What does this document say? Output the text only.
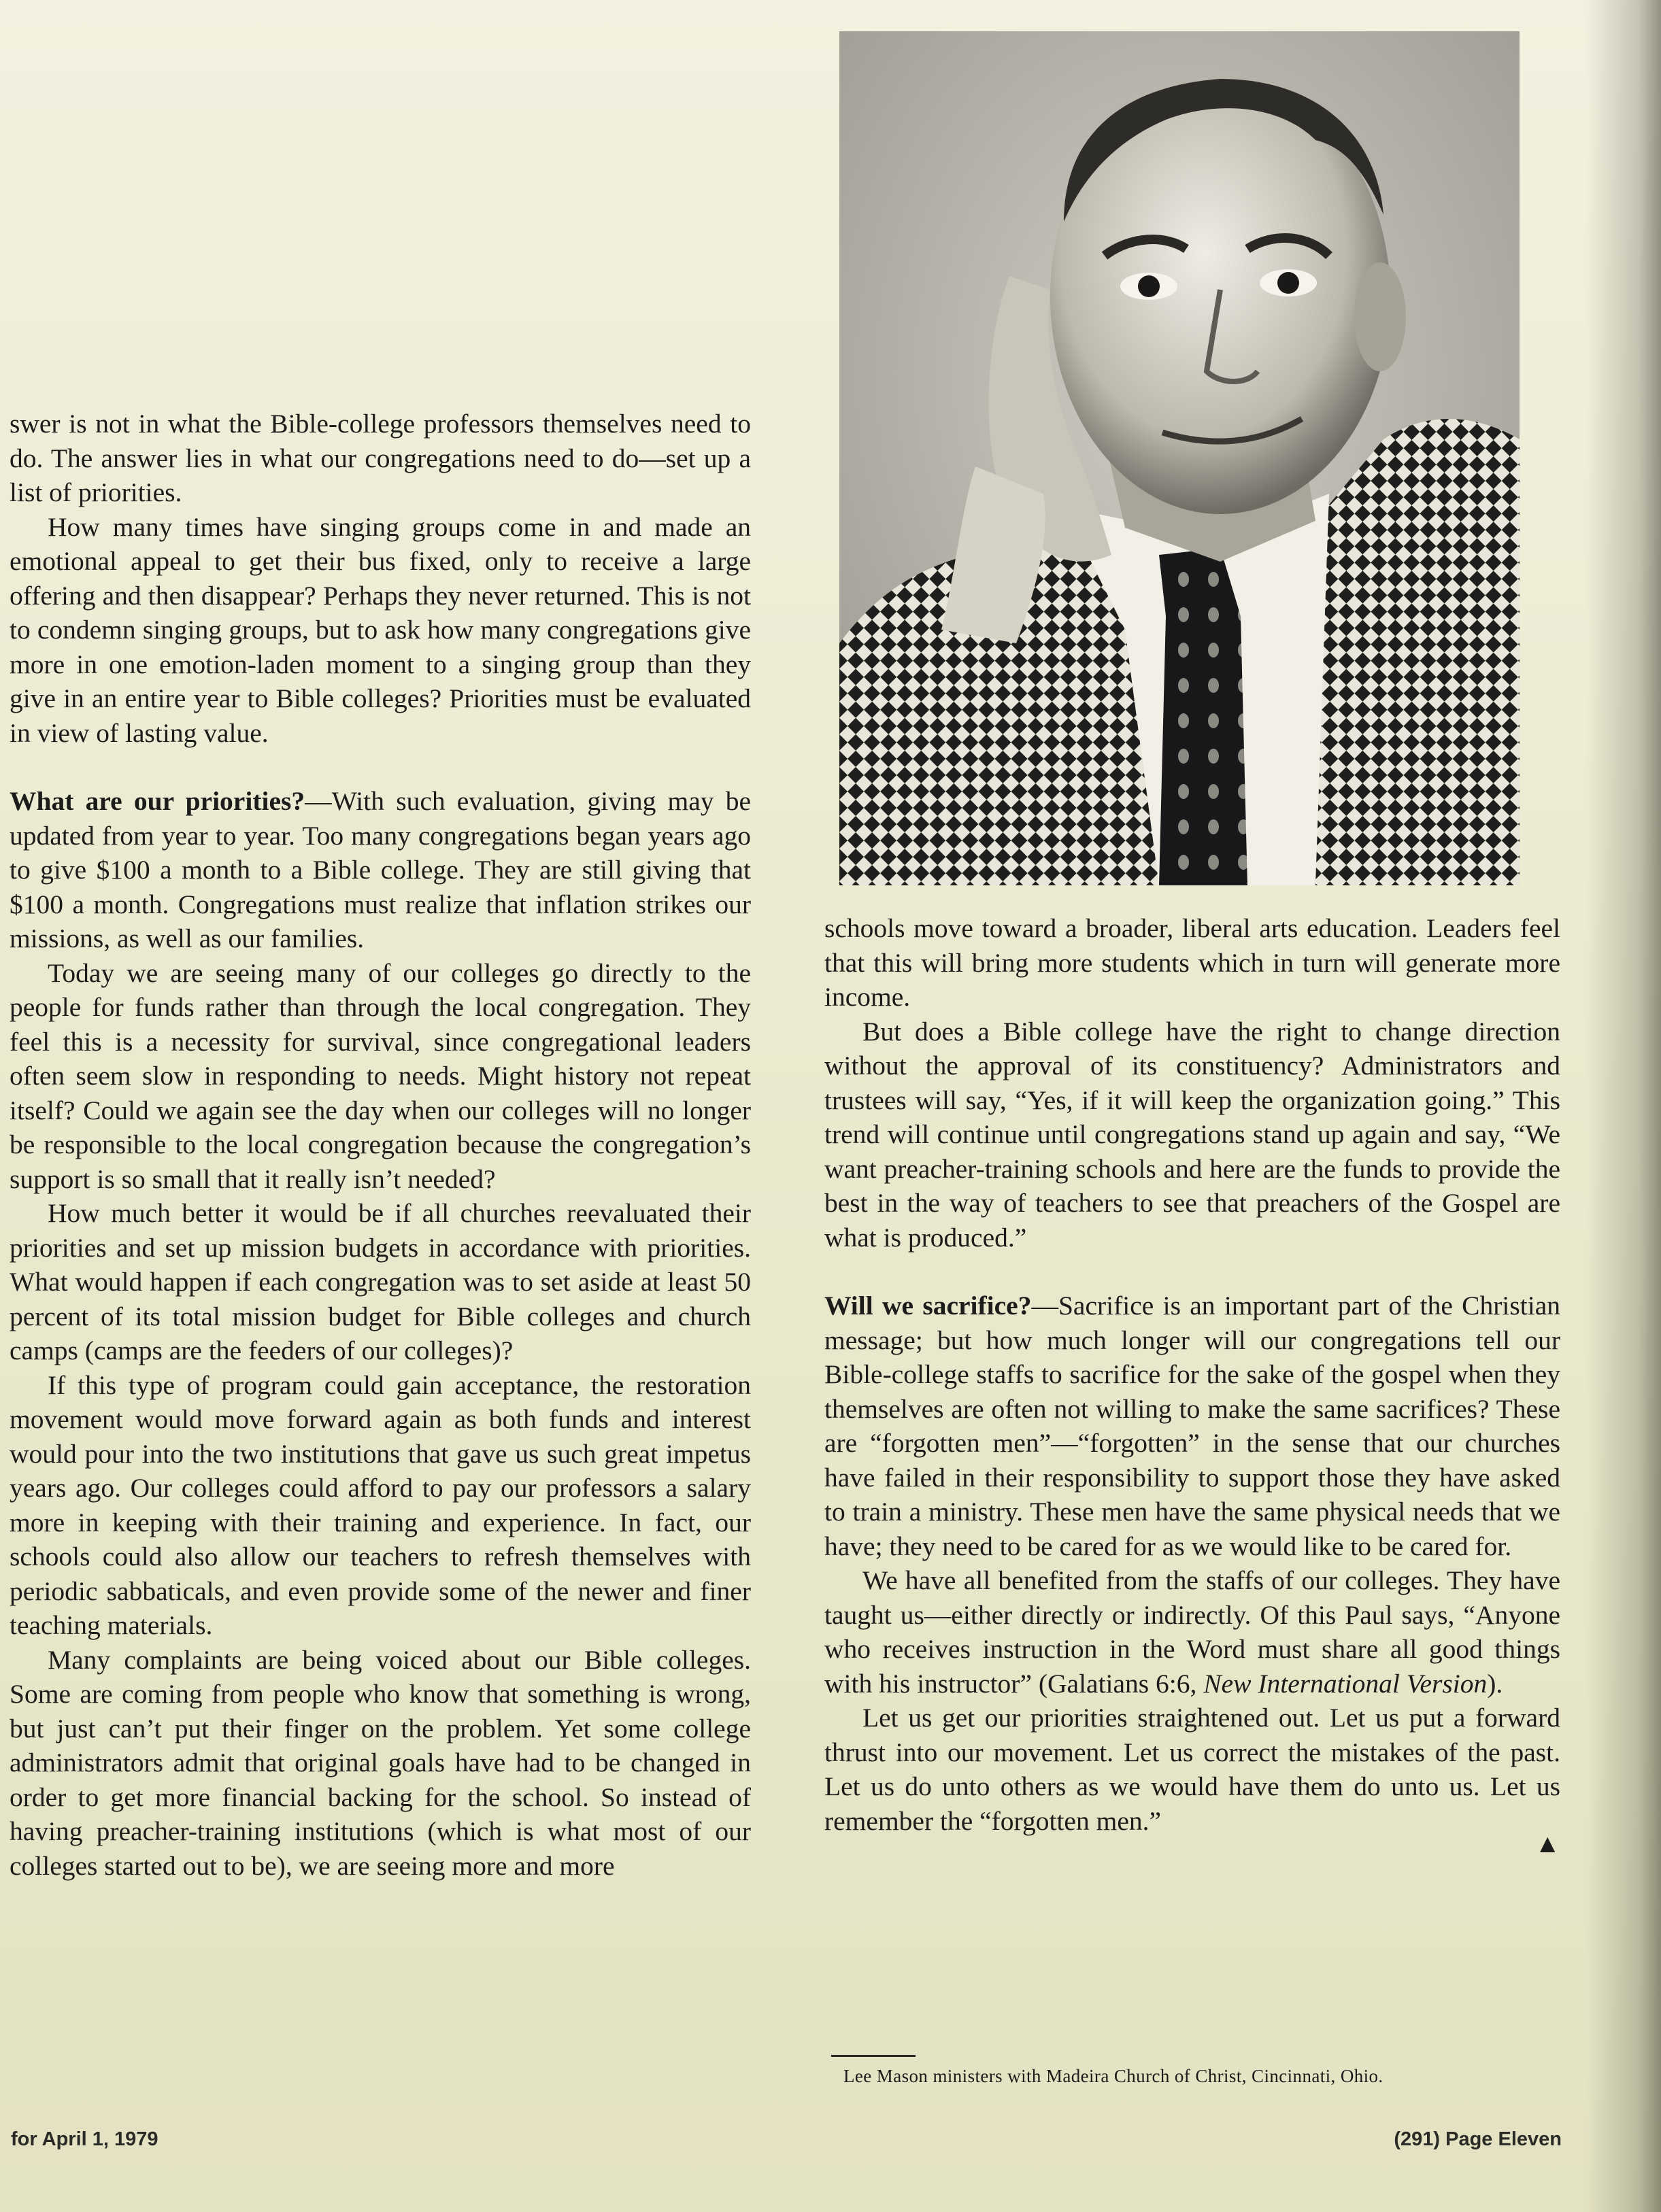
swer is not in what the Bible-college professors themselves need to do. The answer lies in what our congregations need to do—set up a list of priorities.

How many times have singing groups come in and made an emotional appeal to get their bus fixed, only to receive a large offering and then disappear? Perhaps they never returned. This is not to condemn singing groups, but to ask how many congregations give more in one emotion-laden moment to a singing group than they give in an entire year to Bible colleges? Priorities must be evaluated in view of lasting value.

What are our priorities?—With such evaluation, giving may be updated from year to year. Too many congregations began years ago to give $100 a month to a Bible college. They are still giving that $100 a month. Congregations must realize that inflation strikes our missions, as well as our families.

Today we are seeing many of our colleges go directly to the people for funds rather than through the local congregation. They feel this is a necessity for survival, since congregational leaders often seem slow in responding to needs. Might history not repeat itself? Could we again see the day when our colleges will no longer be responsible to the local congregation because the congregation’s support is so small that it really isn’t needed?

How much better it would be if all churches reevaluated their priorities and set up mission budgets in accordance with priorities. What would happen if each congregation was to set aside at least 50 percent of its total mission budget for Bible colleges and church camps (camps are the feeders of our colleges)?

If this type of program could gain acceptance, the restoration movement would move forward again as both funds and interest would pour into the two institutions that gave us such great impetus years ago. Our colleges could afford to pay our professors a salary more in keeping with their training and experience. In fact, our schools could also allow our teachers to refresh themselves with periodic sabbaticals, and even provide some of the newer and finer teaching materials.

Many complaints are being voiced about our Bible colleges. Some are coming from people who know that something is wrong, but just can’t put their finger on the problem. Yet some college administrators admit that original goals have had to be changed in order to get more financial backing for the school. So instead of having preacher-training institutions (which is what most of our colleges started out to be), we are seeing more and more

schools move toward a broader, liberal arts education. Leaders feel that this will bring more students which in turn will generate more income.

But does a Bible college have the right to change direction without the approval of its constituency? Administrators and trustees will say, “Yes, if it will keep the organization going.” This trend will continue until congregations stand up again and say, “We want preacher-training schools and here are the funds to provide the best in the way of teachers to see that preachers of the Gospel are what is produced.”

Will we sacrifice?—Sacrifice is an important part of the Christian message; but how much longer will our congregations tell our Bible-college staffs to sacrifice for the sake of the gospel when they themselves are often not willing to make the same sacrifices? These are “forgotten men”—“forgotten” in the sense that our churches have failed in their responsibility to support those they have asked to train a ministry. These men have the same physical needs that we have; they need to be cared for as we would like to be cared for.

We have all benefited from the staffs of our colleges. They have taught us—either directly or indirectly. Of this Paul says, “Anyone who receives instruction in the Word must share all good things with his instructor” (Galatians 6:6, New International Version).

Let us get our priorities straightened out. Let us put a forward thrust into our movement. Let us correct the mistakes of the past. Let us do unto others as we would have them do unto us. Let us remember the “forgotten men.”

▲
Lee Mason ministers with Madeira Church of Christ, Cincinnati, Ohio.
for April 1, 1979	(291) Page Eleven
